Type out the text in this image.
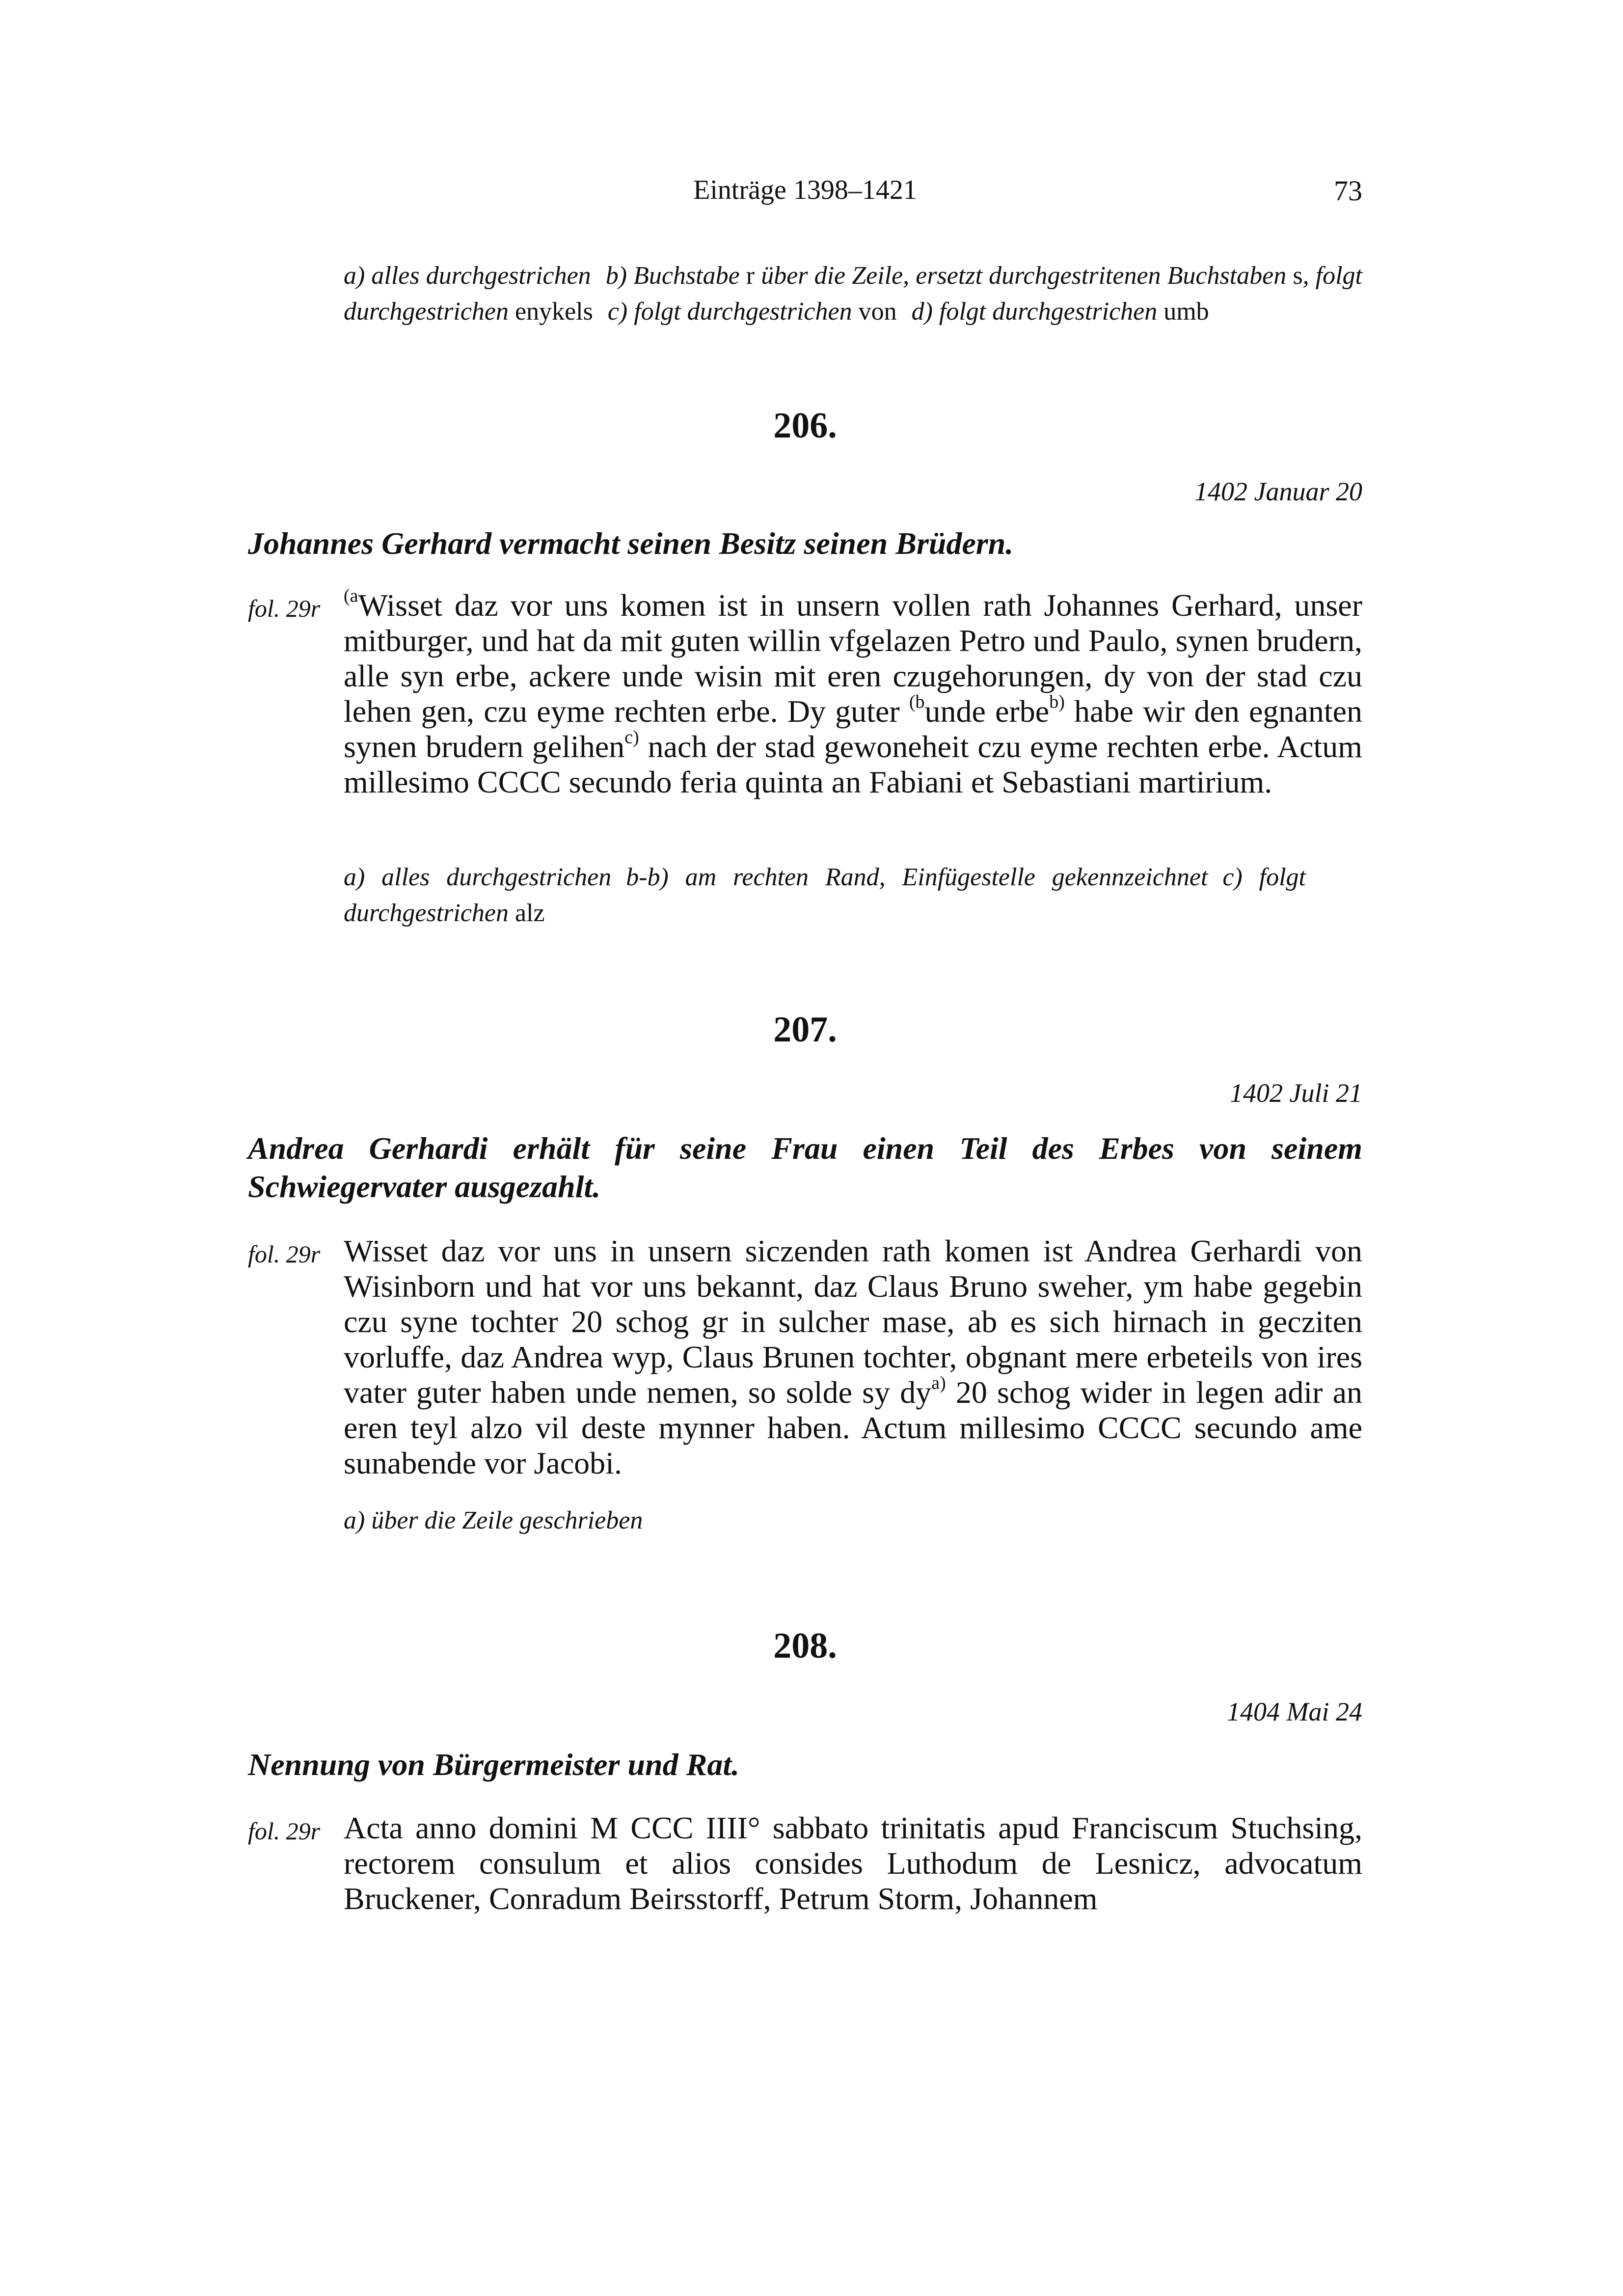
Einträge 1398–1421	73
a) alles durchgestrichen b) Buchstabe r über die Zeile, ersetzt durchgestritenen Buchstaben s, folgt durchgestrichen enykels c) folgt durchgestrichen von d) folgt durchgestrichen umb
206.
1402 Januar 20
Johannes Gerhard vermacht seinen Besitz seinen Brüdern.
fol. 29r $^{(a}$Wisset daz vor uns komen ist in unsern vollen rath Johannes Gerhard, unser mitburger, und hat da mit guten willin vfgelazen Petro und Paulo, synen brudern, alle syn erbe, ackere unde wisin mit eren czugehorungen, dy von der stad czu lehen gen, czu eyme rechten erbe. Dy guter $^{(b}$unde erbe$^{b)}$ habe wir den egnanten synen brudern gelihen$^{c)}$ nach der stad gewoneheit czu eyme rechten erbe. Actum millesimo CCCC secundo feria quinta an Fabiani et Sebastiani martirium.
a) alles durchgestrichen b-b) am rechten Rand, Einfügestelle gekennzeichnet c) folgt durchgestrichen alz
207.
1402 Juli 21
Andrea Gerhardi erhält für seine Frau einen Teil des Erbes von seinem Schwiegervater ausgezahlt.
fol. 29r Wisset daz vor uns in unsern siczenden rath komen ist Andrea Gerhardi von Wisinborn und hat vor uns bekannt, daz Claus Bruno sweher, ym habe gegebin czu syne tochter 20 schog gr in sulcher mase, ab es sich hirnach in gecziten vorluffe, daz Andrea wyp, Claus Brunen tochter, obgnant mere erbeteils von ires vater guter haben unde nemen, so solde sy $dy^{a)}$ 20 schog wider in legen adir an eren teyl alzo vil deste mynner haben. Actum millesimo CCCC secundo ame sunabende vor Jacobi.
a) über die Zeile geschrieben
208.
1404 Mai 24
Nennung von Bürgermeister und Rat.
fol. 29r Acta anno domini M CCC IIII° sabbato trinitatis apud Franciscum Stuchsing, rectorem consulum et alios consides Luthodum de Lesnicz, advocatum Bruckener, Conradum Beirsstorff, Petrum Storm, Johannem
